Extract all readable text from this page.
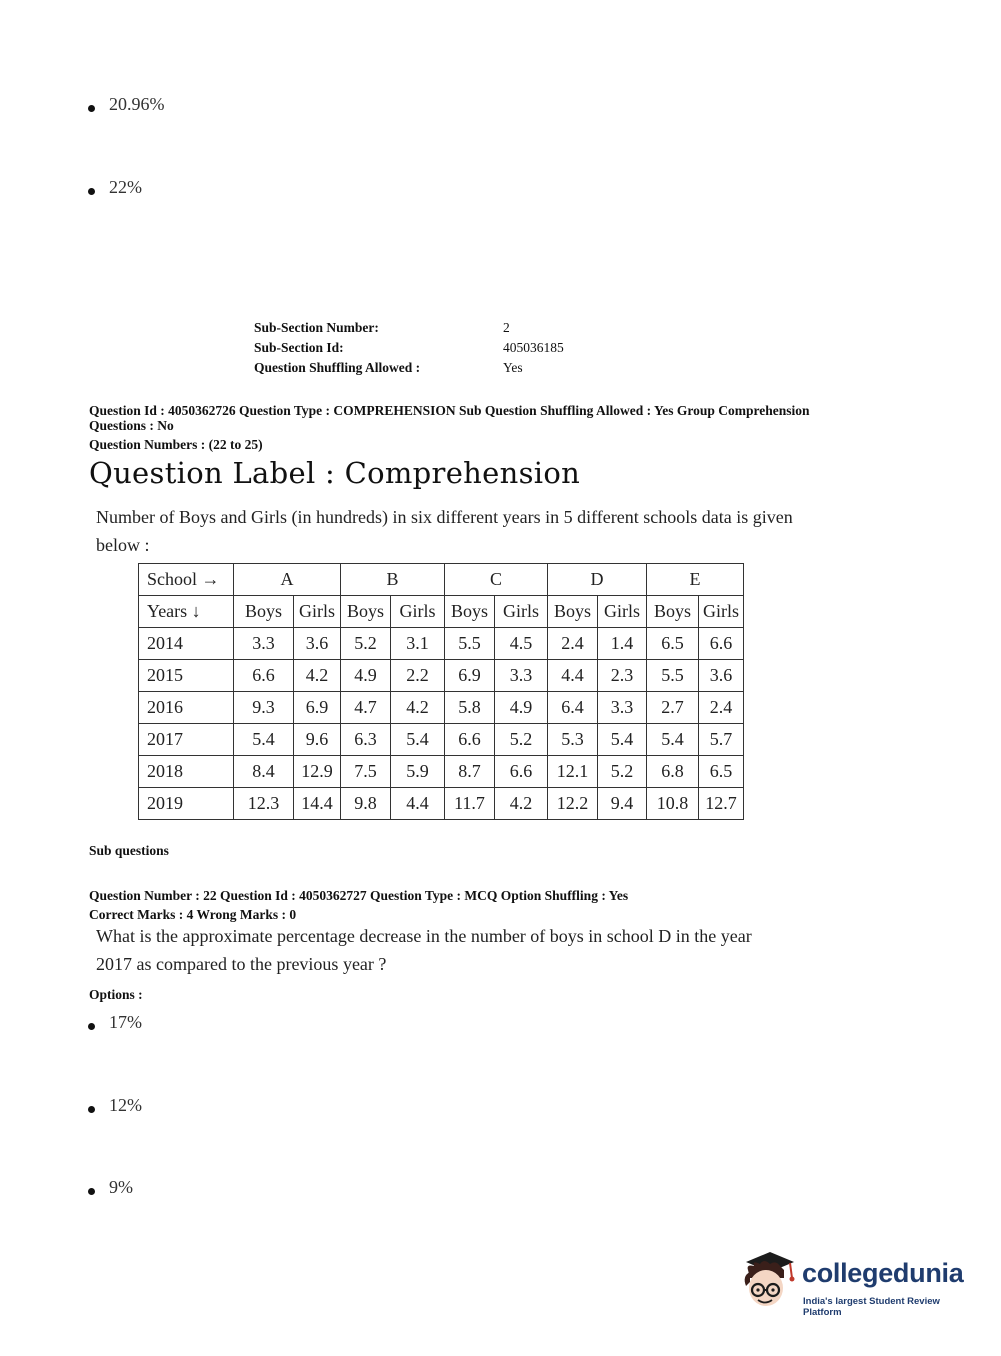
20.96%
22%
Sub-Section Number:	2
Sub-Section Id:	405036185
Question Shuffling Allowed :	Yes
Question Id : 4050362726 Question Type : COMPREHENSION Sub Question Shuffling Allowed : Yes Group Comprehension
Questions : No
Question Numbers : (22 to 25)
Question Label : Comprehension
Number of Boys and Girls (in hundreds) in six different years in 5 different schools data is given
below :
School →	A		B		C		D		E	
Years ↓	Boys	Girls	Boys	Girls	Boys	Girls	Boys	Girls	Boys	Girls
2014	3.3	3.6	5.2	3.1	5.5	4.5	2.4	1.4	6.5	6.6
2015	6.6	4.2	4.9	2.2	6.9	3.3	4.4	2.3	5.5	3.6
2016	9.3	6.9	4.7	4.2	5.8	4.9	6.4	3.3	2.7	2.4
2017	5.4	9.6	6.3	5.4	6.6	5.2	5.3	5.4	5.4	5.7
2018	8.4	12.9	7.5	5.9	8.7	6.6	12.1	5.2	6.8	6.5
2019	12.3	14.4	9.8	4.4	11.7	4.2	12.2	9.4	10.8	12.7
Sub questions
Question Number : 22 Question Id : 4050362727 Question Type : MCQ Option Shuffling : Yes
Correct Marks : 4 Wrong Marks : 0
What is the approximate percentage decrease in the number of boys in school D in the year
2017 as compared to the previous year ?
Options :
17%
12%
9%
collegedunia
India's largest Student Review Platform
